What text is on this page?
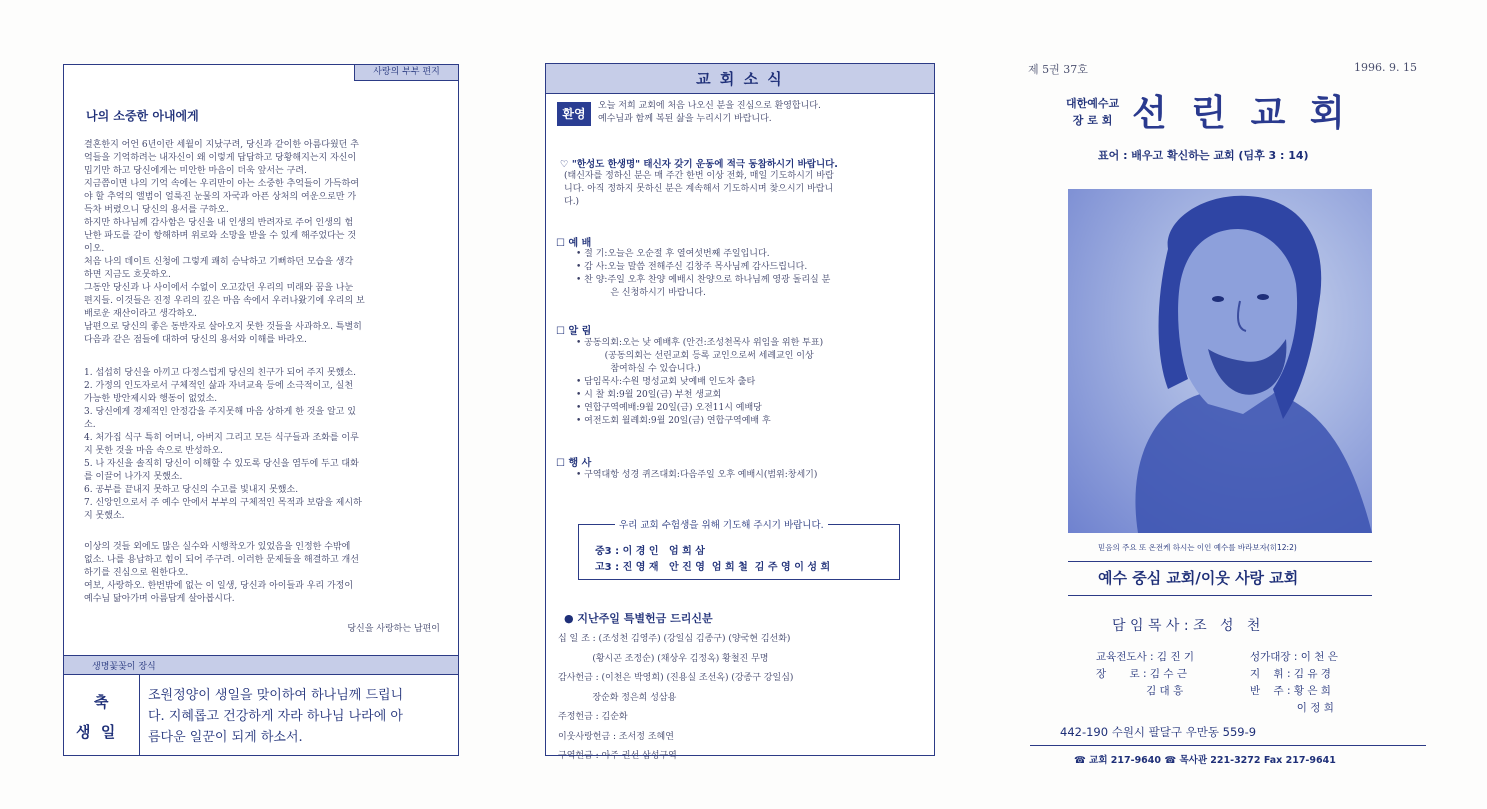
사랑의 부부 편지
나의 소중한 아내에게
결혼한지 어언 6년이란 세월이 지났구려, 당신과 같이한 아름다웠던 추
억들을 기억하려는 내자신이 왜 이렇게 답답하고 당황해지는지 자신이
밉기만 하고 당신에게는 미안한 마음이 더욱 앞서는 구려.
지금쯤이면 나의 기억 속에는 우리만이 아는 소중한 추억들이 가득하여
야 할 추억의 앨범이 얼룩진 눈물의 자국과 아픈 상처의 여운으로만 가
득차 버렸으니 당신의 용서를 구하오.
하지만 하나님께 감사함은 당신을 내 인생의 반려자로 주어 인생의 험
난한 파도를 같이 항해하며 위로와 소망을 받을 수 있게 해주었다는 것
이오.
처음 나의 데이트 신청에 그렇게 쾌히 승낙하고 기뻐하던 모습을 생각
하면 지금도 흐뭇하오.
그동안 당신과 나 사이에서 수없이 오고갔던 우리의 미래와 꿈을 나눈
편지들. 이것들은 진정 우리의 깊은 마음 속에서 우러나왔기에 우리의 보
배로운 재산이라고 생각하오.
남편으로 당신의 좋은 동반자로 살아오지 못한 것들을 사과하오. 특별히
다음과 같은 점들에 대하여 당신의 용서와 이해를 바라오.
1. 섭섭히 당신을 아끼고 다정스럽게 당신의 친구가 되어 주지 못했소.
2. 가정의 인도자로서 구체적인 삶과 자녀교육 등에 소극적이고, 실천
가능한 방안제시와 행동이 없었소.
3. 당신에게 경제적인 안정감을 주지못해 마음 상하게 한 것을 알고 있
소.
4. 처가집 식구 특히 어머니, 아버지 그리고 모든 식구들과 조화를 이루
지 못한 것을 마음 속으로 반성하오.
5. 나 자신을 솔직히 당신이 이해할 수 있도록 당신을 염두에 두고 대화
를 이끌어 나가지 못했소.
6. 공부를 끝내지 못하고 당신의 수고를 빛내지 못했소.
7. 신앙인으로서 주 예수 안에서 부부의 구체적인 목적과 보람을 제시하
지 못했소.
이상의 것들 외에도 많은 실수와 시행착오가 있었음을 인정한 수밖에
없소. 나를 용납하고 힘이 되어 주구려. 이러한 문제들을 해결하고 개선
하기를 진심으로 원한다오.
여보, 사랑하오. 한번밖에 없는 이 일생, 당신과 아이들과 우리 가정이
예수님 닮아가며 아름답게 살아봅시다.
당신을 사랑하는 남편이
생명꽃꽂이 장식
축
생  일
조원정양이 생일을 맞이하여 하나님께 드립니
다. 지혜롭고 건강하게 자라 하나님 나라에 아
름다운 일꾼이 되게 하소서.
교 회 소 식
환영
오늘 저희 교회에 처음 나오신 분을 진심으로 환영합니다.
예수님과 함께 복된 삶을 누리시기 바랍니다.
♡ "한성도 한생명" 태신자 갖기 운동에 적극 동참하시기 바랍니다.
(태신자를 정하신 분은 매 주간 한번 이상 전화, 매일 기도하시기 바랍
니다. 아직 정하지 못하신 분은 계속해서 기도하시며 찾으시기 바랍니
다.)
☐ 예 배
• 절 기:오늘은 오순절 후 열여섯번째 주일입니다.
• 감 사:오늘 말씀 전해주신 김창주 목사님께 감사드립니다.
• 찬 양:주일 오후 찬양 예배시 찬양으로 하나님께 영광 돌리실 분
은 신청하시기 바랍니다.
☐ 알 림
• 공동의회:오는 낮 예배후 (안건:조성천목사 위임을 위한 투표)
(공동의회는 선린교회 등록 교인으로써 세례교인 이상
참여하실 수 있습니다.)
• 담임목사:수원 명성교회 낮예배 인도차 출타
• 시 찰 회:9월 20일(금) 부천 생교회
• 연합구역예배:9월 20일(금) 오전11시 예배당
• 여전도회 월례회:9월 20일(금) 연합구역예배 후
☐ 행 사
• 구역대항 성경 퀴즈대회:다음주일 오후 예배시(범위:창세기)
우리 교회 수험생을 위해 기도해 주시기 바랍니다.
중3 : 이 경 인   엄 희 삼
고3 : 진 영 재   안 진 영  엄 희 철  김 주 영 이 성 희
● 지난주일 특별헌금 드리신분
십 일 조 : (조성천 김영주) (강일심 김종구) (양국현 김선화)
(황시곤 조정순) (채상우 김정옥) 황철진 무명
감사헌금 : (이천은 박영희) (진용실 조선옥) (강종구 강일심)
장순화 정은희 성삼용
주정헌금 : 김순화
이웃사랑헌금 : 조서정 조혜연
구역헌금 : 아주 권선 삼성구역
제 5권 37호	1996. 9. 15
대한예수교
장 로 회 선 린 교 회
표어 : 배우고 확신하는 교회 (딤후 3 : 14)
믿음의 주요 또 온전케 하시는 이인 예수를 바라보자(히12:2)
예수 중심 교회/이웃 사랑 교회
담 임 목 사 : 조   성   천
교육전도사 : 김 진 기
장       로 : 김 수 근
김 대 흥
성가대장 : 이 천 은
지    휘 : 김 유 경
반    주 : 황 은 희
이 정 희
442-190 수원시 팔달구 우만동 559-9
☎ 교회 217-9640 ☎ 목사관 221-3272 Fax 217-9641
